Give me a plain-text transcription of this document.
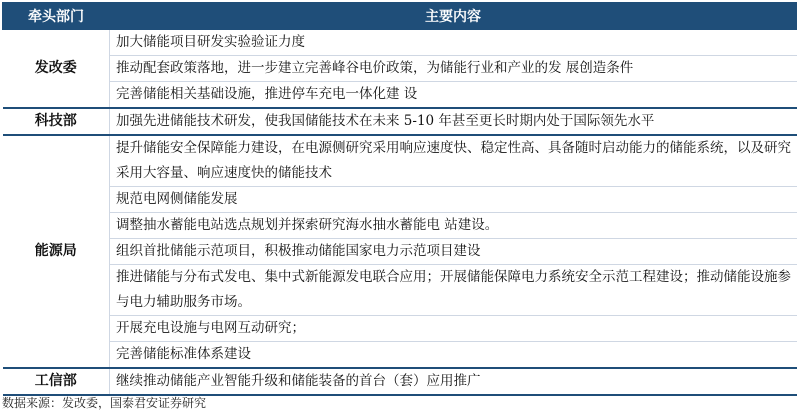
牵头部门	主要内容
发改委	加大储能项目研发实验验证力度
	推动配套政策落地，进一步建立完善峰谷电价政策，为储能行业和产业的发 展创造条件
	完善储能相关基础设施，推进停车充电一体化建 设
科技部	加强先进储能技术研发，使我国储能技术在未来 5-10 年甚至更长时期内处于国际领先水平
能源局	提升储能安全保障能力建设，在电源侧研究采用响应速度快、稳定性高、具备随时启动能力的储能系统，以及研究采用大容量、响应速度快的储能技术
	规范电网侧储能发展
	调整抽水蓄能电站选点规划并探索研究海水抽水蓄能电 站建设。
	组织首批储能示范项目，积极推动储能国家电力示范项目建设
	推进储能与分布式发电、集中式新能源发电联合应用；开展储能保障电力系统安全示范工程建设；推动储能设施参与电力辅助服务市场。
	开展充电设施与电网互动研究；
	完善储能标准体系建设
工信部	继续推动储能产业智能升级和储能装备的首台（套）应用推广
数据来源：发改委，国泰君安证券研究
